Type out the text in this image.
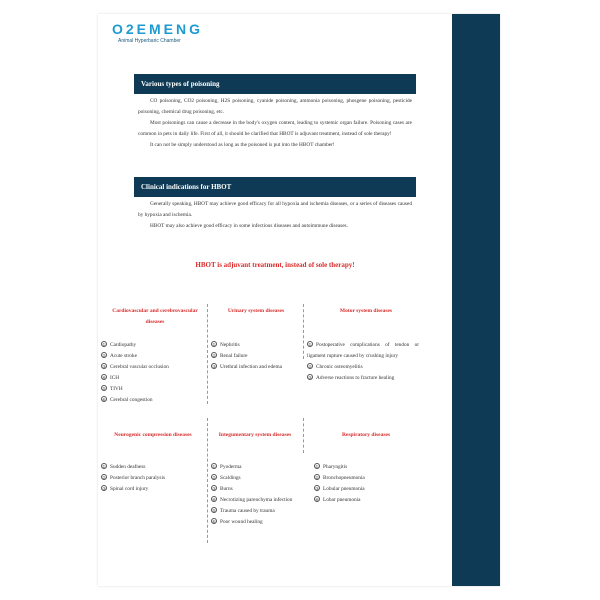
O2EMENG
Animal Hyperbaric Chamber
Various types of poisoning

CO poisoning, CO2 poisoning, H2S poisoning, cyanide poisoning, ammonia poisoning, phosgene poisoning, pesticide poisoning, chemical drug poisoning, etc.

Most poisonings can cause a decrease in the body's oxygen content, leading to systemic organ failure. Poisoning cases are common in pets in daily life. First of all, it should be clarified that HBOT is adjuvant treatment, instead of sole therapy!

It can not be simply understood as long as the poisoned is put into the HBOT chamber!

Clinical indications for HBOT

Generally speaking, HBOT may achieve good efficacy for all hypoxia and ischemia diseases, or a series of diseases caused by hypoxia and ischemia.

HBOT may also achieve good efficacy in some infectious diseases and autoimmune diseases.

HBOT is adjuvant treatment, instead of sole therapy!
Cardiovascular and cerebrovascular diseases
① Cardiopathy
② Acute stroke
③ Cerebral vascular occlusion
④ ICH
⑤ TIVH
⑥ Cerebral congestion
Urinary system diseases
① Nephritis
② Renal failure
③ Urethral infection and edema
Motor system diseases
① Postoperative complications of tendon or ligament rupture caused by crushing injury
② Chronic osteomyelitis
③ Adverse reactions to fracture healing
Neurogenic compression diseases
① Sudden deafness
② Posterior branch paralysis
③ Spinal cord injury
Integumentary system diseases
① Pyoderma
② Scaldings
③ Burns
④ Necrotizing parenchyma infection
⑤ Trauma caused by trauma
⑥ Poor wound healing
Respiratory diseases
① Pharyngitis
② Bronchopneumonia
③ Lobular pneumonia
④ Lobar pneumonia
